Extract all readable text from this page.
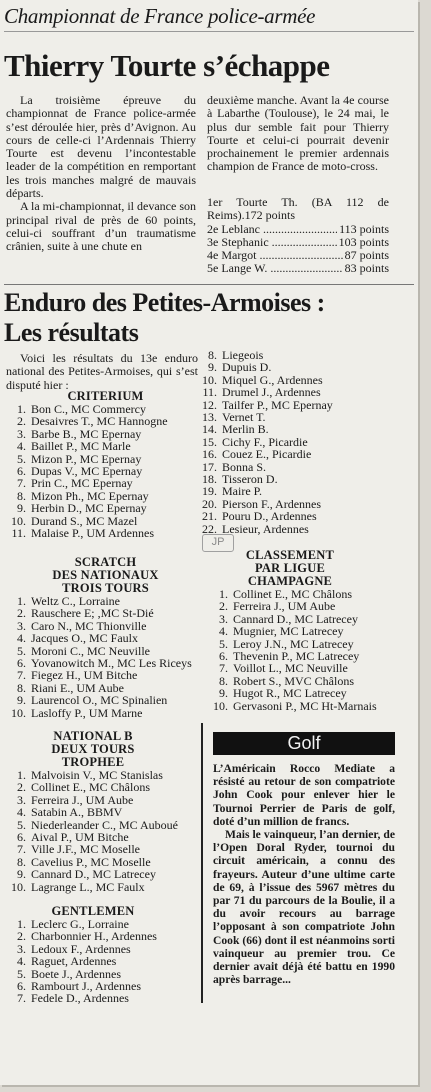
Championnat de France police-armée
Thierry Tourte s’échappe

La troisième épreuve du championnat de France police-armée s’est déroulée hier, près d’Avignon. Au cours de celle-ci l’Ardennais Thierry Tourte est devenu l’incontestable leader de la compétition en remportant les trois manches malgré de mauvais départs.

A la mi-championnat, il devance son principal rival de près de 60 points, celui-ci souffrant d’un traumatisme crânien, suite à une chute en

deuxième manche. Avant la 4e course à Labarthe (Toulouse), le 24 mai, le plus dur semble fait pour Thierry Tourte et celui-ci pourrait devenir prochainement le premier ardennais champion de France de moto-cross.

1er Tourte Th. (BA 112 de Reims).172 points
2e Leblanc .....	113 points
3e Stephanic .....	103 points
4e Margot .....	87 points
5e Lange W. .....	83 points
Enduro des Petites-Armoises :
Les résultats

Voici les résultats du 13e enduro national des Petites-Armoises, qui s’est disputé hier :

CRITERIUM
1. Bon C., MC Commercy
2. Desaivres T., MC Hannogne
3. Barbe B., MC Epernay
4. Baillet P., MC Marle
5. Mizon P., MC Epernay
6. Dupas V., MC Epernay
7. Prin C., MC Epernay
8. Mizon Ph., MC Epernay
9. Herbin D., MC Epernay
10. Durand S., MC Mazel
11. Malaise P., UM Ardennes
8. Liegeois
9. Dupuis D.
10. Miquel G., Ardennes
11. Drumel J., Ardennes
12. Tailfer P., MC Epernay
13. Vernet T.
14. Merlin B.
15. Cichy F., Picardie
16. Couez E., Picardie
17. Bonna S.
18. Tisseron D.
19. Maire P.
20. Pierson F., Ardennes
21. Pouru D., Ardennes
22. Lesieur, Ardennes
JP
SCRATCH
DES NATIONAUX
TROIS TOURS
1. Weltz C., Lorraine
2. Rauschere E; ,MC St-Dié
3. Caro N., MC Thionville
4. Jacques O., MC Faulx
5. Moroni C., MC Neuville
6. Yovanowitch M., MC Les Riceys
7. Fiegez H., UM Bitche
8. Riani E., UM Aube
9. Laurencol O., MC Spinalien
10. Lasloffy P., UM Marne
CLASSEMENT
PAR LIGUE
CHAMPAGNE
1. Collinet E., MC Châlons
2. Ferreira J., UM Aube
3. Cannard D., MC Latrecey
4. Mugnier, MC Latrecey
5. Leroy J.N., MC Latrecey
6. Thevenin P., MC Latrecey
7. Voillot L., MC Neuville
8. Robert S., MVC Châlons
9. Hugot R., MC Latrecey
10. Gervasoni P., MC Ht-Marnais
NATIONAL B
DEUX TOURS
TROPHEE
1. Malvoisin V., MC Stanislas
2. Collinet E., MC Châlons
3. Ferreira J., UM Aube
4. Satabin A., BBMV
5. Niederleander C., MC Auboué
6. Aival P., UM Bitche
7. Ville J.F., MC Moselle
8. Cavelius P., MC Moselle
9. Cannard D., MC Latrecey
10. Lagrange L., MC Faulx
GENTLEMEN
1. Leclerc G., Lorraine
2. Charbonnier H., Ardennes
3. Ledoux F., Ardennes
4. Raguet, Ardennes
5. Boete J., Ardennes
6. Rambourt J., Ardennes
7. Fedele D., Ardennes
Golf

L’Américain Rocco Mediate a résisté au retour de son compatriote John Cook pour enlever hier le Tournoi Perrier de Paris de golf, doté d’un million de francs.

Mais le vainqueur, l’an dernier, de l’Open Doral Ryder, tournoi du circuit américain, a connu des frayeurs. Auteur d’une ultime carte de 69, à l’issue des 5967 mètres du par 71 du parcours de la Boulie, il a du avoir recours au barrage l’opposant à son compatriote John Cook (66) dont il est néanmoins sorti vainqueur au premier trou. Ce dernier avait déjà été battu en 1990 après barrage...
